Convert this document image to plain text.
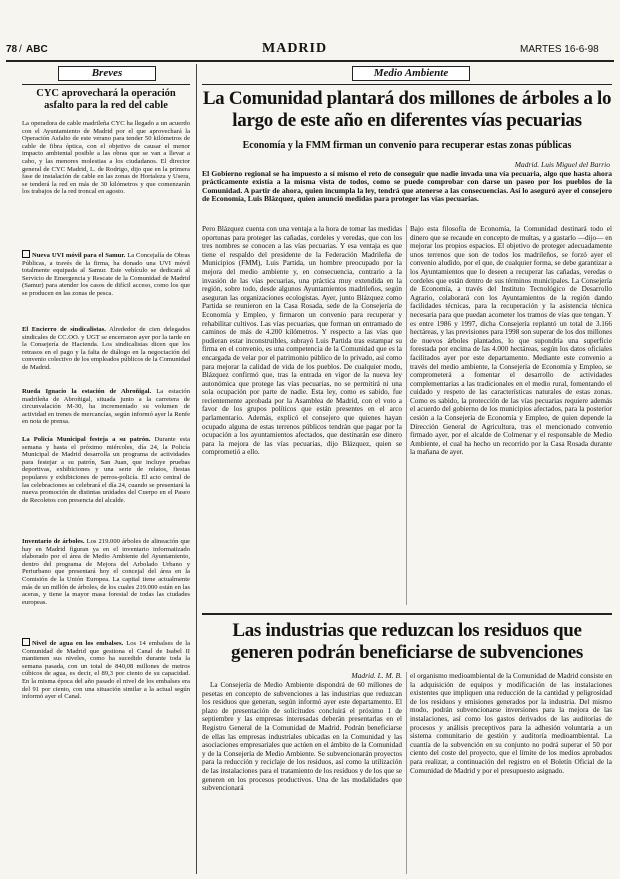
78 / ABC	MADRID	MARTES 16-6-98
Breves
CYC aprovechará la operación asfalto para la red del cable

La operadora de cable madrileña CYC ha llegado a un acuerdo con el Ayuntamiento de Madrid por el que aprovechará la Operación Asfalto de este verano para tender 50 kilómetros de cable de fibra óptica, con el objetivo de causar el menor impacto ambiental posible a las obras que se van a llevar a cabo, y las menores molestias a los ciudadanos. El director general de CYC Madrid, L. de Rodrigo, dijo que en la primera fase de instalación de cable en las zonas de Hortaleza y Usera, se tenderá la red en más de 30 kilómetros y que comenzarán los trabajos de la red troncal en agosto.

Nueva UVI móvil para el Samur. La Concejalía de Obras Públicas, a través de la firma, ha donado una UVI móvil totalmente equipada al Samur. Este vehículo se dedicará al Servicio de Emergencia y Rescate de la Comunidad de Madrid (Samur) para atender los casos de difícil acceso, como los que se producen en las zonas de pesca.

El Encierro de sindicalistas. Alrededor de cien delegados sindicales de CC.OO. y UGT se encerraron ayer por la tarde en la Consejería de Hacienda. Los sindicalistas dicen que los retrasos en el pago y la falta de diálogo en la negociación del convenio colectivo de los empleados públicos de la Comunidad de Madrid.

Rueda Ignacio la estación de Abroñigal. La estación madrileña de Abroñigal, situada junto a la carretera de circunvalación M-30, ha incrementado su volumen de actividad en trenes de mercancías, según informó ayer la Renfe en nota de prensa.

La Policía Municipal festeja a su patrón. Durante esta semana y hasta el próximo miércoles, día 24, la Policía Municipal de Madrid desarrolla un programa de actividades para festejar a su patrón, San Juan, que incluye pruebas deportivas, exhibiciones y una serie de relatos, fiestas populares y exhibiciones de perros-policía. El acto central de las celebraciones se celebrará el día 24, cuando se presentará la nueva promoción de distintas unidades del Cuerpo en el Paseo de Recoletos con presencia del alcalde.

Inventario de árboles. Los 219.000 árboles de alineación que hay en Madrid figuran ya en el inventario informatizado elaborado por el área de Medio Ambiente del Ayuntamiento, dentro del programa de Mejora del Arbolado Urbano y Periurbano que presentará hoy el concejal del área en la Comisión de la Unión Europea. La capital tiene actualmente más de un millón de árboles, de los cuales 219.000 están en las aceras, y tiene la mayor masa forestal de todas las ciudades europeas.

Nivel de agua en los embalses. Los 14 embalses de la Comunidad de Madrid que gestiona el Canal de Isabel II mantienen sus niveles, como ha sucedido durante toda la semana pasada, con un total de 840,08 millones de metros cúbicos de agua, es decir, el 89,3 por ciento de su capacidad. En la misma época del año pasado el nivel de los embalses era del 91 por ciento, con una situación similar a la actual según informó ayer el Canal.

Medio Ambiente
La Comunidad plantará dos millones de árboles a lo largo de este año en diferentes vías pecuarias
Economía y la FMM firman un convenio para recuperar estas zonas públicas
Madrid. Luis Miguel del Barrio

El Gobierno regional se ha impuesto a sí mismo el reto de conseguir que nadie invada una vía pecuaria, algo que hasta ahora prácticamente existía a la misma vista de todos, como se puede comprobar con darse un paseo por los pueblos de la Comunidad. A partir de ahora, quien incumpla la ley, tendrá que atenerse a las consecuencias. Así lo aseguró ayer el consejero de Economía, Luis Blázquez, quien anunció medidas para proteger las vías pecuarias.

Pero Blázquez cuenta con una ventaja a la hora de tomar las medidas oportunas para proteger las cañadas, cordeles y veredas, que con los tres nombres se conocen a las vías pecuarias. Y esa ventaja es que tiene el respaldo del presidente de la Federación Madrileña de Municipios (FMM), Luis Partida, un hombre preocupado por la mejora del medio ambiente y, en consecuencia, contrario a la invasión de las vías pecuarias, una práctica muy extendida en la región, sobre todo, desde algunos Ayuntamientos madrileños, según aseguran las organizaciones ecologistas. Ayer, junto Blázquez como Partida se reunieron en la Casa Rosada, sede de la Consejería de Economía y Empleo, y firmaron un convenio para recuperar y rehabilitar cultivos. Las vías pecuarias, que forman un entramado de caminos de más de 4.200 kilómetros. Y respecto a las vías que pudieran estar inconstruibles, subrayó Luis Partida tras estampar su firma en el convenio, es una competencia de la Comunidad que es la encargada de velar por el patrimonio público de lo privado, así como para mejorar la calidad de vida de los pueblos. De cualquier modo, Blázquez confirmó que, tras la entrada en vigor de la nueva ley autonómica que protege las vías pecuarias, no se permitirá ni una sola ocupación por parte de nadie. Esta ley, como es sabido, fue recientemente aprobada por la Asamblea de Madrid, con el voto a favor de los grupos políticos que están presentes en el arco parlamentario. Además, explicó el consejero que quienes hayan ocupado alguna de estas terrenos públicos tendrán que pagar por la ocupación a los ayuntamientos afectados, que destinarán ese dinero para la mejora de las vías pecuarias, dijo Blázquez, quien se comprometió a ello.

Bajo esta filosofía de Economía, la Comunidad destinará todo el dinero que se recaude en concepto de multas, y a gastarlo —dijo— en mejorar los propios espacios. El objetivo de proteger adecuadamente unos terrenos que son de todos los madrileños, se forzó ayer el convenio aludido, por el que, de cualquier forma, se debe garantizar a los Ayuntamientos que lo deseen a recuperar las cañadas, veredas o cordeles que están dentro de sus términos municipales. La Consejería de Economía, a través del Instituto Tecnológico de Desarrollo Agrario, colaborará con los Ayuntamientos de la región dando facilidades técnicas, para la recuperación y la asistencia técnica necesaria para que puedan acometer los tramos de vías que tengan. Y es entre 1986 y 1997, dicha Consejería replantó un total de 3.166 hectáreas, y las previsiones para 1998 son superar de los dos millones de nuevos árboles plantados, lo que supondría una superficie forestada por encima de las 4.000 hectáreas, según los datos oficiales facilitados ayer por este departamento. Mediante este convenio a través del medio ambiente, la Consejería de Economía y Empleo, se comprometerá a fomentar el desarrollo de actividades complementarias a las tradicionales en el medio rural, fomentando el cuidado y respeto de las características naturales de estas zonas. Como es sabido, la protección de las vías pecuarias requiere además el acuerdo del gobierno de los municipios afectados, para la posterior cesión a la Consejería de Economía y Empleo, de quien depende la Dirección General de Agricultura, tras el mencionado convenio firmado ayer, por el alcalde de Colmenar y el responsable de Medio Ambiente, el cual ha hecho un recorrido por la Casa Rosada durante la mañana de ayer.

Las industrias que reduzcan los residuos que generen podrán beneficiarse de subvenciones
Madrid. L. M. B.

La Consejería de Medio Ambiente dispondrá de 60 millones de pesetas en concepto de subvenciones a las industrias que reduzcan los residuos que generan, según informó ayer este departamento. El plazo de presentación de solicitudes concluirá el próximo 1 de septiembre y las empresas interesadas deberán presentarlas en el Registro General de la Comunidad de Madrid. Podrán beneficiarse de ellas las empresas industriales ubicadas en la Comunidad y las asociaciones empresariales que actúen en el ámbito de la Comunidad y de la Consejería de Medio Ambiente. Se subvencionarán proyectos para la reducción y reciclaje de los residuos, así como la utilización de las instalaciones para el tratamiento de los residuos y de los que se generen en los procesos productivos. Una de las modalidades que subvencionará

el organismo medioambiental de la Comunidad de Madrid consiste en la adquisición de equipos y modificación de las instalaciones existentes que impliquen una reducción de la cantidad y peligrosidad de los residuos y emisiones generados por la industria. Del mismo modo, podrán subvencionarse inversiones para la mejora de las instalaciones, así como los gastos derivados de las auditorías de procesos y análisis preceptivos para la adhesión voluntaria a un sistema comunitario de gestión y auditoría medioambiental. La cuantía de la subvención en su conjunto no podrá superar el 50 por ciento del coste del proyecto, que el límite de los medios aprobados para realizar, a continuación del registro en el Boletín Oficial de la Comunidad de Madrid y por el presupuesto asignado.
